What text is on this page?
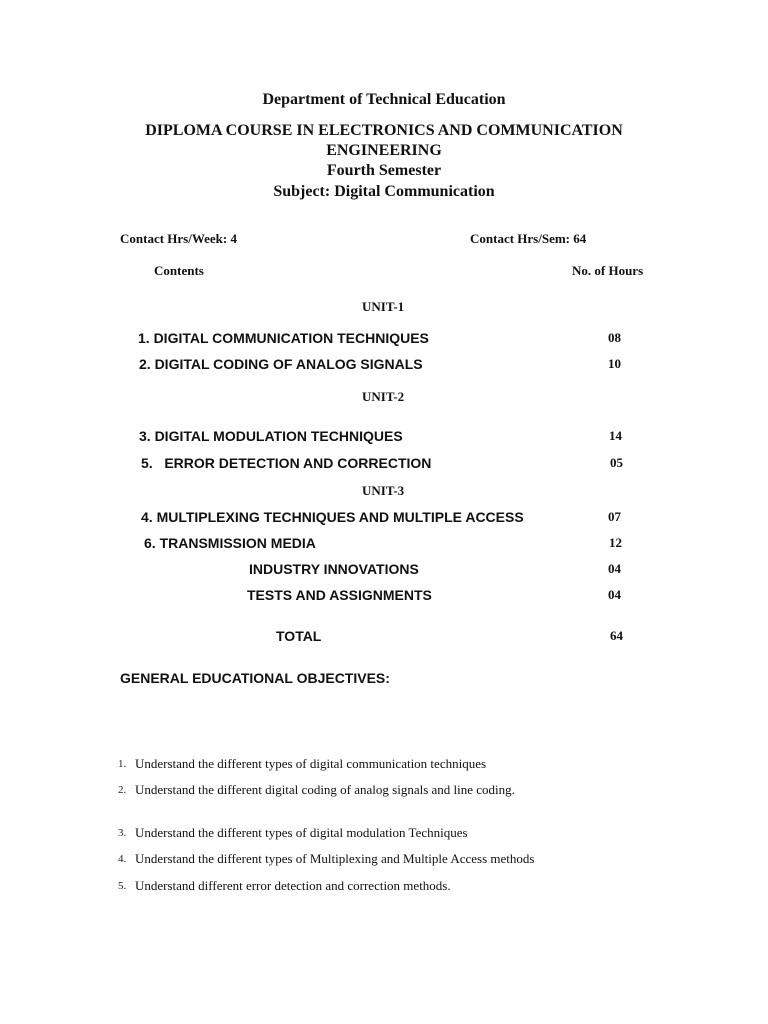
Department of Technical Education
DIPLOMA COURSE IN ELECTRONICS AND COMMUNICATION
ENGINEERING
Fourth Semester
Subject: Digital Communication
Contact Hrs/Week: 4	Contact Hrs/Sem: 64
Contents	No. of Hours
UNIT-1
1. DIGITAL COMMUNICATION TECHNIQUES	08
2. DIGITAL CODING OF ANALOG SIGNALS	10
UNIT-2
3. DIGITAL MODULATION TECHNIQUES	14
5.   ERROR DETECTION AND CORRECTION	05
UNIT-3
4. MULTIPLEXING TECHNIQUES AND MULTIPLE ACCESS	07
6. TRANSMISSION MEDIA	12
INDUSTRY INNOVATIONS	04
TESTS AND ASSIGNMENTS	04
TOTAL	64
GENERAL EDUCATIONAL OBJECTIVES:
1. Understand the different types of digital communication techniques
2. Understand the different digital coding of analog signals and line coding.
3. Understand the different types of digital modulation Techniques
4. Understand the different types of Multiplexing and Multiple Access methods
5. Understand different error detection and correction methods.
